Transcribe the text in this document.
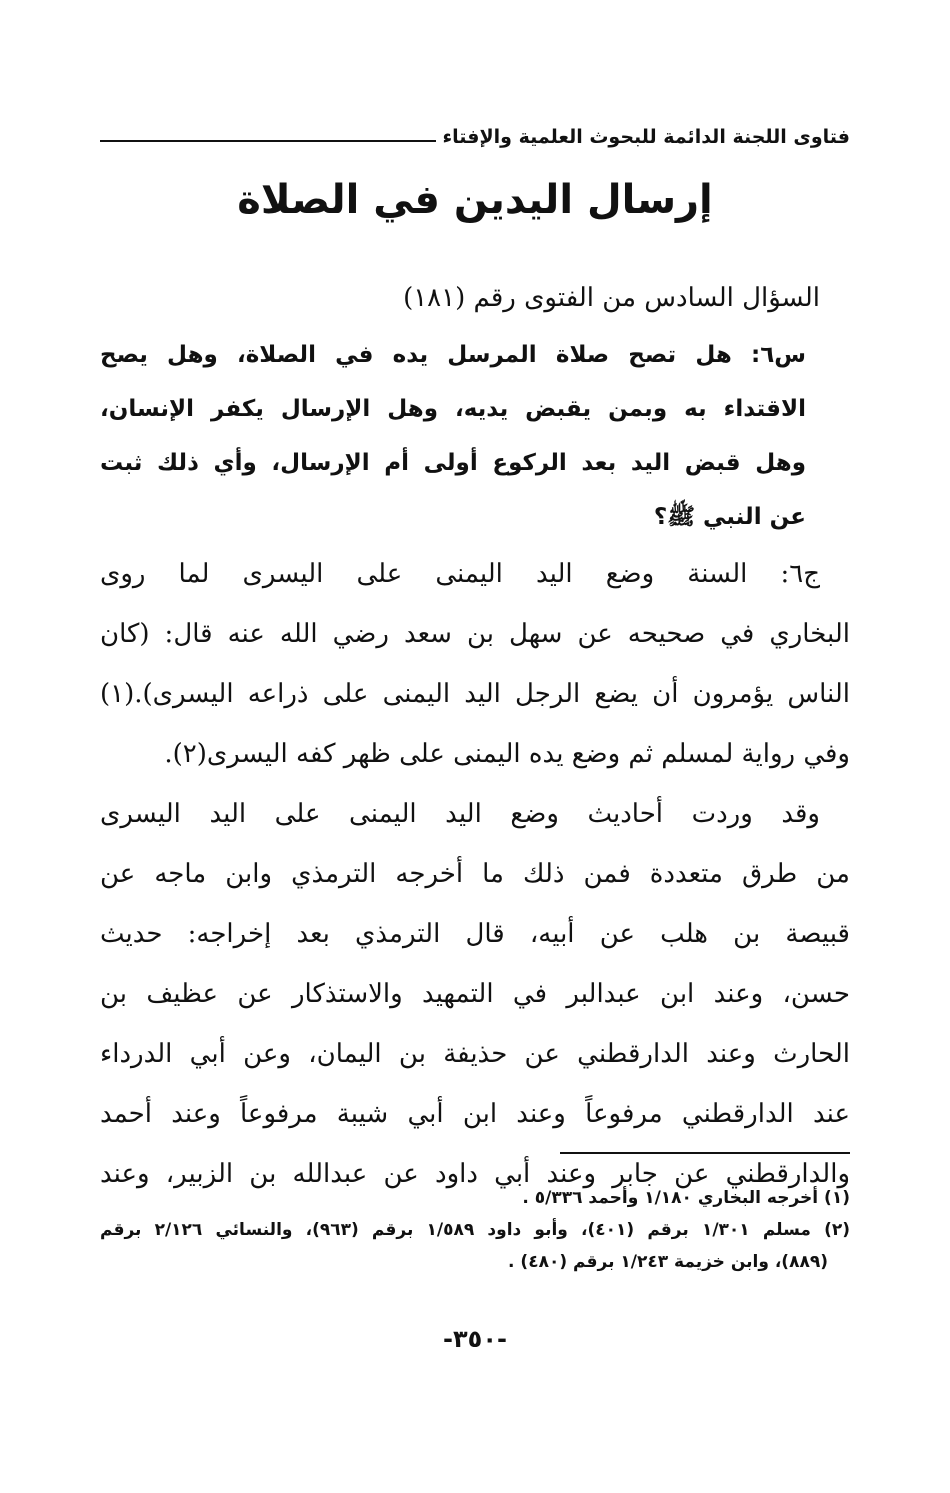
فتاوى اللجنة الدائمة للبحوث العلمية والإفتاء
إرسال اليدين في الصلاة
السؤال السادس من الفتوى رقم (١٨١)
س٦: هل تصح صلاة المرسل يده في الصلاة، وهل يصح
الاقتداء به وبمن يقبض يديه، وهل الإرسال يكفر الإنسان،
وهل قبض اليد بعد الركوع أولى أم الإرسال، وأي ذلك ثبت
عن النبي ﷺ؟
ج٦: السنة وضع اليد اليمنى على اليسرى لما روى
البخاري في صحيحه عن سهل بن سعد رضي الله عنه قال: (كان
الناس يؤمرون أن يضع الرجل اليد اليمنى على ذراعه اليسرى).(١)
وفي رواية لمسلم ثم وضع يده اليمنى على ظهر كفه اليسرى(٢).
وقد وردت أحاديث وضع اليد اليمنى على اليد اليسرى
من طرق متعددة فمن ذلك ما أخرجه الترمذي وابن ماجه عن
قبيصة بن هلب عن أبيه، قال الترمذي بعد إخراجه: حديث
حسن، وعند ابن عبدالبر في التمهيد والاستذكار عن عظيف بن
الحارث وعند الدارقطني عن حذيفة بن اليمان، وعن أبي الدرداء
عند الدارقطني مرفوعاً وعند ابن أبي شيبة مرفوعاً وعند أحمد
والدارقطني عن جابر وعند أبي داود عن عبدالله بن الزبير، وعند
(١) أخرجه البخاري ١/١٨٠ وأحمد ٥/٣٣٦ .
(٢) مسلم ١/٣٠١ برقم (٤٠١)، وأبو داود ١/٥٨٩ برقم (٩٦٣)، والنسائي ٢/١٢٦ برقم
(٨٨٩)، وابن خزيمة ١/٢٤٣ برقم (٤٨٠) .
-٣٥٠-
